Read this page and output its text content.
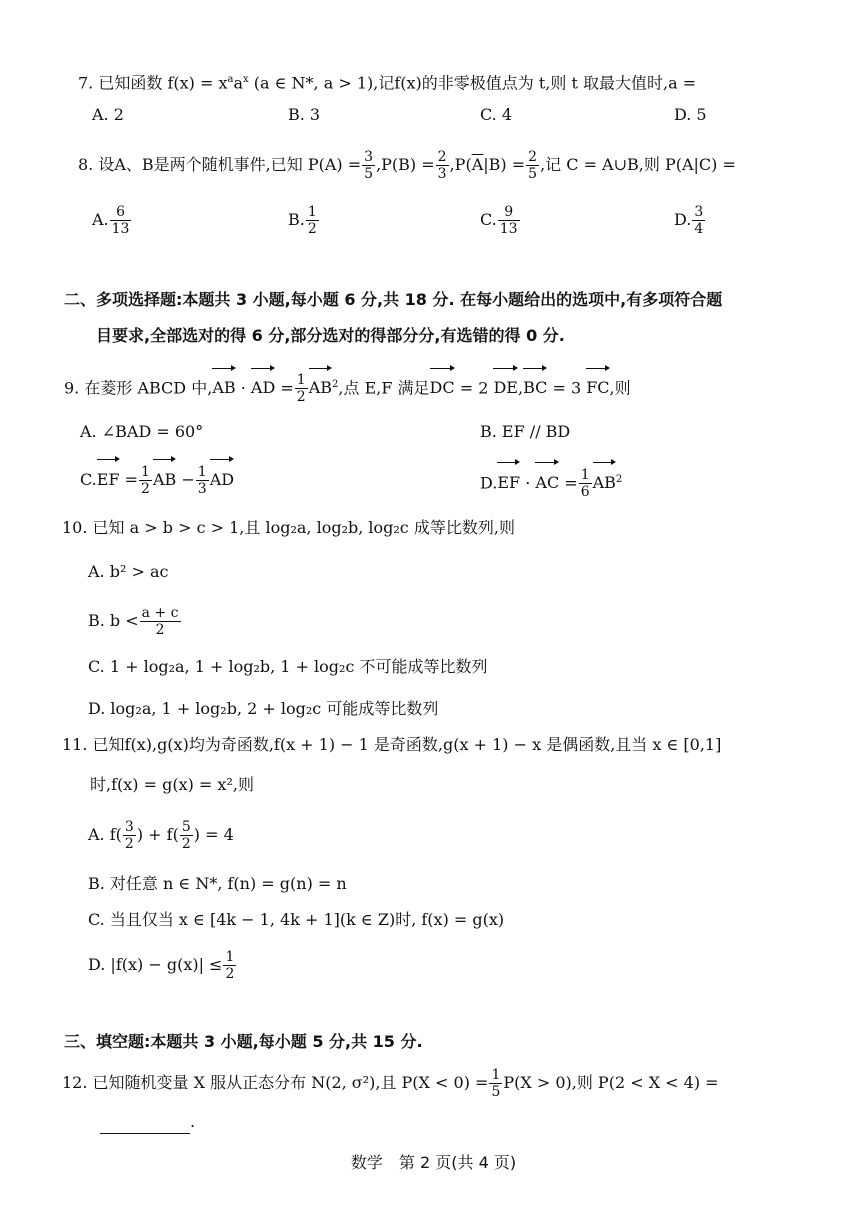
7. 已知函数 $f(x) = x^aa^x$ (a ∈ N*, a > 1),记f(x)的非零极值点为 t,则 t 取最大值时,a =
A. 2	B. 3	C. 4	D. 5
8. 设A、B是两个随机事件,已知 $P(A) = \frac{3}{5} ,P(B) = \frac{2}{3} ,P(\overline{A}|B) = \frac{2}{5}$ ,记 C = A∪B,则 P(A|C) =
A. $\frac{6}{13}$	B. $\frac{1}{2}$	C. $\frac{9}{13}$	D. $\frac{3}{4}$
二、多项选择题:本题共 3 小题,每小题 6 分,共 18 分. 在每小题给出的选项中,有多项符合题
目要求,全部选对的得 6 分,部分选对的得部分分,有选错的得 0 分.
9. 在菱形 ABCD 中,AB · AD = $\frac{1}{2} AB^2$,点 E,F 满足DC = 2 DE,BC = 3 FC,则
A. ∠BAD = 60°	B. EF // BD
$C.EF = \frac{1}{2}$ AB − $\frac{1}{3}$ AD	D.EF · AC = $\frac{1}{6} AB^2$
10. 已知 a > b > c > 1,且 log₂a, log₂b, log₂c 成等比数列,则
A. b² > ac
B. $b < \frac{a + c}{2}$
C. 1 + log₂a, 1 + log₂b, 1 + log₂c 不可能成等比数列
D. log₂a, 1 + log₂b, 2 + log₂c 可能成等比数列
11. 已知f(x),g(x)均为奇函数,f(x + 1) − 1 是奇函数,g(x + 1) − x 是偶函数,且当 x ∈ [0,1]
时,f(x) = g(x) = x²,则
A. $f( \frac{3}{2}$ ) + $f( \frac{5}{2}$ ) = 4
B. 对任意 n ∈ N*, f(n) = g(n) = n
C. 当且仅当 x ∈ [4k − 1, 4k + 1](k ∈ Z)时, f(x) = g(x)
D. $|f(x) - g(x)| \le \frac{1}{2}$
三、填空题:本题共 3 小题,每小题 5 分,共 15 分.
12. 已知随机变量 X 服从正态分布 N(2, σ²),且 $P(X < 0) = \frac{1}{5} P(X > 0)$,则 P(2 < X < 4) =
.
数学　第 2 页(共 4 页)
